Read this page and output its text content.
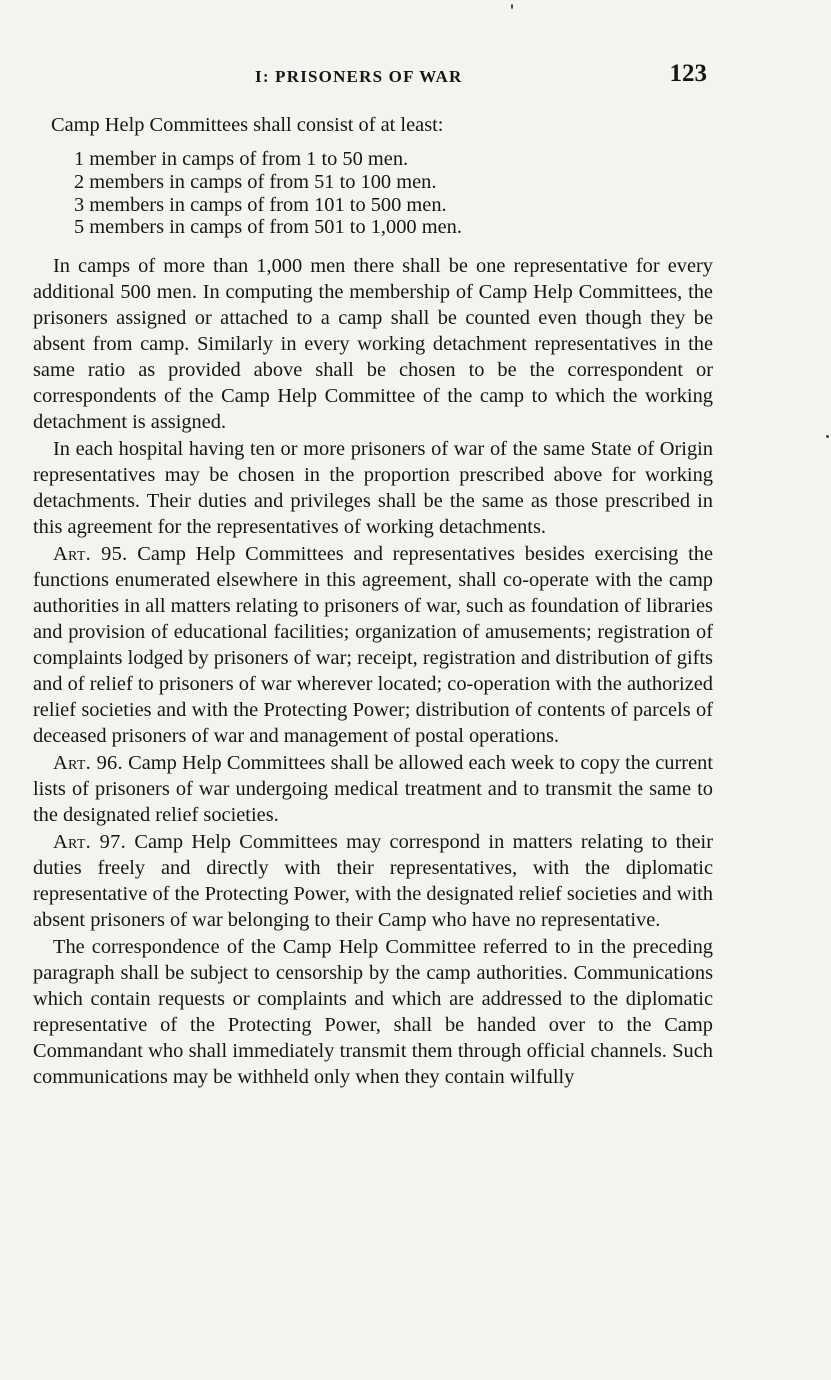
I: PRISONERS OF WAR	123

Camp Help Committees shall consist of at least:

1 member in camps of from 1 to 50 men.
2 members in camps of from 51 to 100 men.
3 members in camps of from 101 to 500 men.
5 members in camps of from 501 to 1,000 men.

In camps of more than 1,000 men there shall be one representative for every additional 500 men. In computing the membership of Camp Help Committees, the prisoners assigned or attached to a camp shall be counted even though they be absent from camp. Similarly in every working detachment representatives in the same ratio as provided above shall be chosen to be the correspondent or correspondents of the Camp Help Committee of the camp to which the working detachment is assigned.

In each hospital having ten or more prisoners of war of the same State of Origin representatives may be chosen in the proportion prescribed above for working detachments. Their duties and privileges shall be the same as those prescribed in this agreement for the representatives of working detachments.

Art. 95. Camp Help Committees and representatives besides exercising the functions enumerated elsewhere in this agreement, shall co-operate with the camp authorities in all matters relating to prisoners of war, such as foundation of libraries and provision of educational facilities; organization of amusements; registration of complaints lodged by prisoners of war; receipt, registration and distribution of gifts and of relief to prisoners of war wherever located; co-operation with the authorized relief societies and with the Protecting Power; distribution of contents of parcels of deceased prisoners of war and management of postal operations.

Art. 96. Camp Help Committees shall be allowed each week to copy the current lists of prisoners of war undergoing medical treatment and to transmit the same to the designated relief societies.

Art. 97. Camp Help Committees may correspond in matters relating to their duties freely and directly with their representatives, with the diplomatic representative of the Protecting Power, with the designated relief societies and with absent prisoners of war belonging to their Camp who have no representative.

The correspondence of the Camp Help Committee referred to in the preceding paragraph shall be subject to censorship by the camp authorities. Communications which contain requests or complaints and which are addressed to the diplomatic representative of the Protecting Power, shall be handed over to the Camp Commandant who shall immediately transmit them through official channels. Such communications may be withheld only when they contain wilfully
